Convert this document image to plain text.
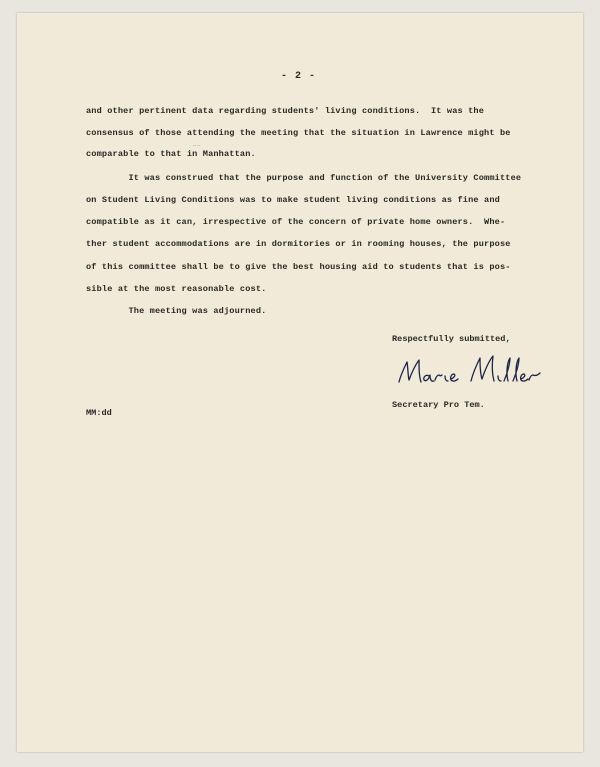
- 2 -
and other pertinent data regarding students' living conditions.  It was the
consensus of those attending the meeting that the situation in Lawrence might be
comparable to that in Manhattan.
It was construed that the purpose and function of the University Committee
on Student Living Conditions was to make student living conditions as fine and
compatible as it can, irrespective of the concern of private home owners.  Whe-
ther student accommodations are in dormitories or in rooming houses, the purpose
of this committee shall be to give the best housing aid to students that is pos-
sible at the most reasonable cost.
The meeting was adjourned.
Respectfully submitted,
Marie Miller
Secretary Pro Tem.
MM:dd
